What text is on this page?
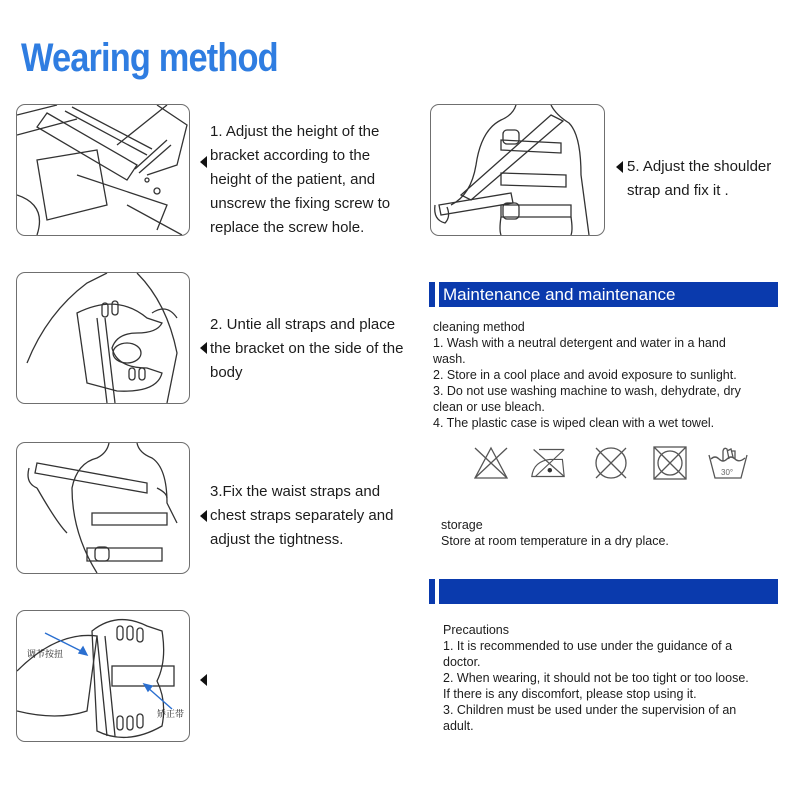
Wearing method
1. Adjust the height of the
bracket according to the
height of the patient, and
unscrew the fixing screw to
replace the screw hole.
2. Untie all straps and place
the bracket on the side of the
body
3.Fix the waist straps and
chest straps separately and
adjust the tightness.
调节按扭
矫正带
5. Adjust the shoulder
strap and fix it .
Maintenance and maintenance
cleaning method
1. Wash with a neutral detergent and water in a hand
wash.
2. Store in a cool place and avoid exposure to sunlight.
3. Do not use washing machine to wash, dehydrate, dry
clean or use bleach.
4. The plastic case is wiped clean with a wet towel.
30°
storage
Store at room temperature in a dry place.
Precautions
1. It is recommended to use under the guidance of a
doctor.
2. When wearing, it should not be too tight or too loose.
If there is any discomfort, please stop using it.
3. Children must be used under the supervision of an
adult.
